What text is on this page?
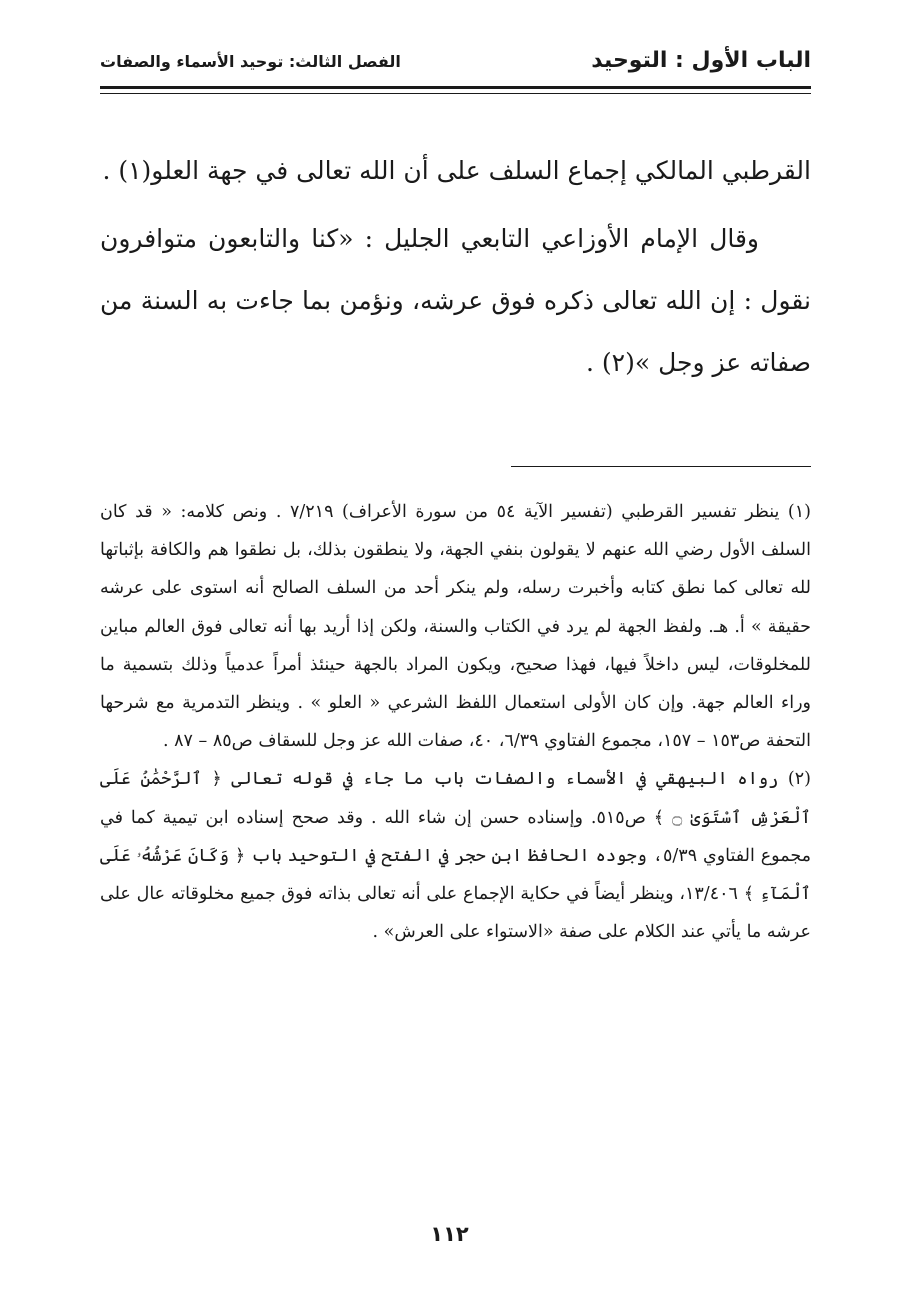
الباب الأول : التوحيد
الفصل الثالث: توحيد الأسماء والصفات

القرطبي المالكي إجماع السلف على أن الله تعالى في جهة العلو(١) .

وقال الإمام الأوزاعي التابعي الجليل : «كنا والتابعون متوافرون نقول : إن الله تعالى ذكره فوق عرشه، ونؤمن بما جاءت به السنة من صفاته عز وجل »(٢) .

(١) ينظر تفسير القرطبي (تفسير الآية ٥٤ من سورة الأعراف) ٧/٢١٩ . ونص كلامه: « قد كان السلف الأول رضي الله عنهم لا يقولون بنفي الجهة، ولا ينطقون بذلك، بل نطقوا هم والكافة بإثباتها لله تعالى كما نطق كتابه وأخبرت رسله، ولم ينكر أحد من السلف الصالح أنه استوى على عرشه حقيقة » أ. هـ. ولفظ الجهة لم يرد في الكتاب والسنة، ولكن إذا أريد بها أنه تعالى فوق العالم مباين للمخلوقات، ليس داخلاً فيها، فهذا صحيح، ويكون المراد بالجهة حينئذ أمراً عدمياً وذلك بتسمية ما وراء العالم جهة. وإن كان الأولى استعمال اللفظ الشرعي « العلو » . وينظر التدمرية مع شرحها التحفة ص١٥٣ – ١٥٧، مجموع الفتاوي ٦/٣٩، ٤٠، صفات الله عز وجل للسقاف ص٨٥ – ٨٧ .

(٢) رواه البيهقي في الأسماء والصفات باب ما جاء في قوله تعالى ﴿ ٱلرَّحْمَٰنُ عَلَى ٱلْعَرْشِ ٱسْتَوَىٰ ۝ ﴾ ص٥١٥. وإسناده حسن إن شاء الله . وقد صحح إسناده ابن تيمية كما في مجموع الفتاوي ٥/٣٩، وجوده الحافظ ابن حجر في الفتح في التوحيد باب ﴿ وَكَانَ عَرْشُهُۥ عَلَى ٱلْمَآءِ ﴾ ١٣/٤٠٦، وينظر أيضاً في حكاية الإجماع على أنه تعالى بذاته فوق جميع مخلوقاته عال على عرشه ما يأتي عند الكلام على صفة «الاستواء على العرش» .

١١٢
